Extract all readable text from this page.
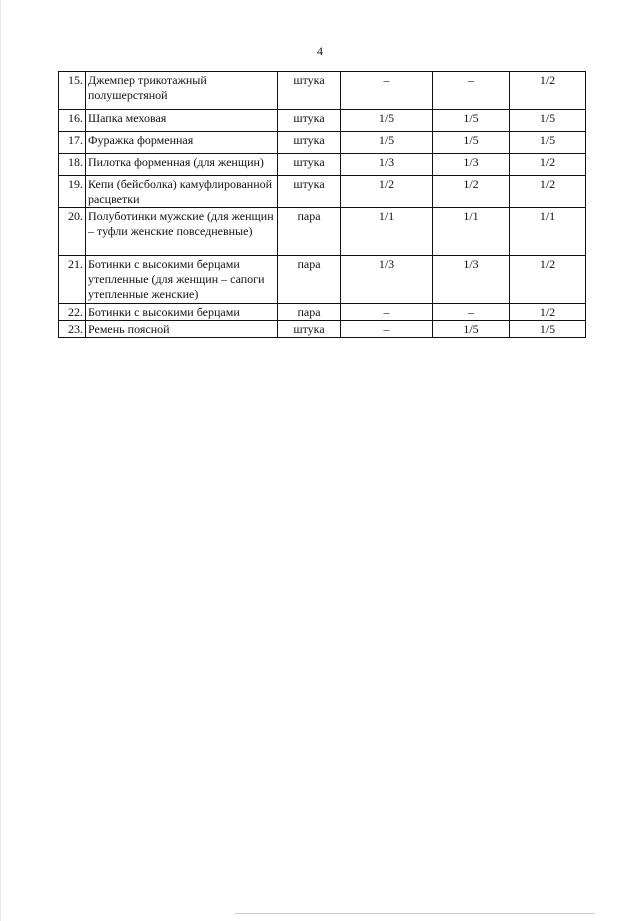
4
15.	Джемпер трикотажный полушерстяной	штука	–	–	1/2
16.	Шапка меховая	штука	1/5	1/5	1/5
17.	Фуражка форменная	штука	1/5	1/5	1/5
18.	Пилотка форменная (для женщин)	штука	1/3	1/3	1/2
19.	Кепи (бейсболка) камуфлированной расцветки	штука	1/2	1/2	1/2
20.	Полуботинки мужские (для женщин – туфли женские повседневные)	пара	1/1	1/1	1/1
21.	Ботинки с высокими берцами утепленные (для женщин – сапоги утепленные женские)	пара	1/3	1/3	1/2
22.	Ботинки с высокими берцами	пара	–	–	1/2
23.	Ремень поясной	штука	–	1/5	1/5
